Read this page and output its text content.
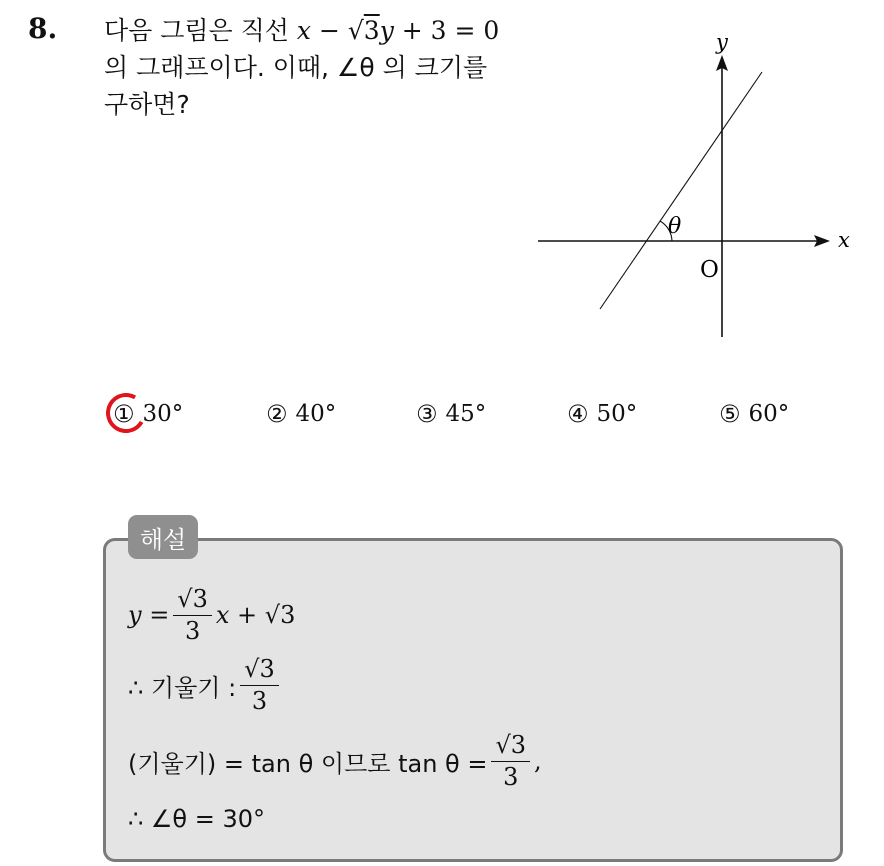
8. 다음 그림은 직선 x − √3y + 3 = 0
의 그래프이다. 이때, ∠θ 의 크기를
구하면?
θ
x
y
O
① 30°	② 40°	③ 45°	④ 50°	⑤ 60°
해설
$y = \frac{√3}{3}$ x +
√3
∴ 기울기 : $\frac{√3}{3}$
(기울기) = tan θ 이므로 $\tan \theta = \frac{√3}{3}$ ,
∴ ∠θ = 30°
